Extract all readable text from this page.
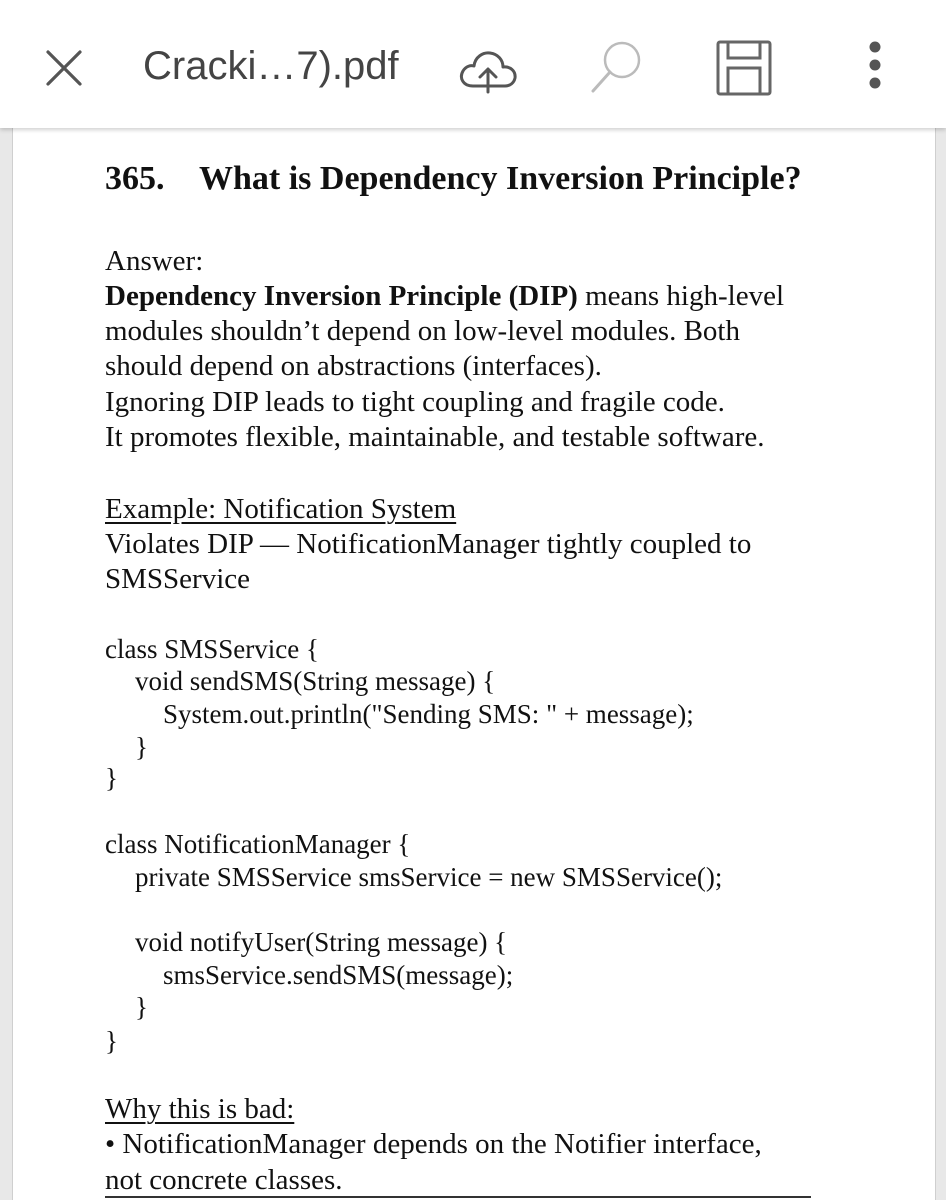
Cracki…7).pdf
365. What is Dependency Inversion Principle?
Answer:
Dependency Inversion Principle (DIP) means high-level
modules shouldn’t depend on low-level modules. Both
should depend on abstractions (interfaces).
Ignoring DIP leads to tight coupling and fragile code.
It promotes flexible, maintainable, and testable software.
Example: Notification System
Violates DIP — NotificationManager tightly coupled to
SMSService
class SMSService {
void sendSMS(String message) {
System.out.println("Sending SMS: " + message);
}
}
class NotificationManager {
private SMSService smsService = new SMSService();
void notifyUser(String message) {
smsService.sendSMS(message);
}
}
Why this is bad:
• NotificationManager depends on the Notifier interface,
not concrete classes.
